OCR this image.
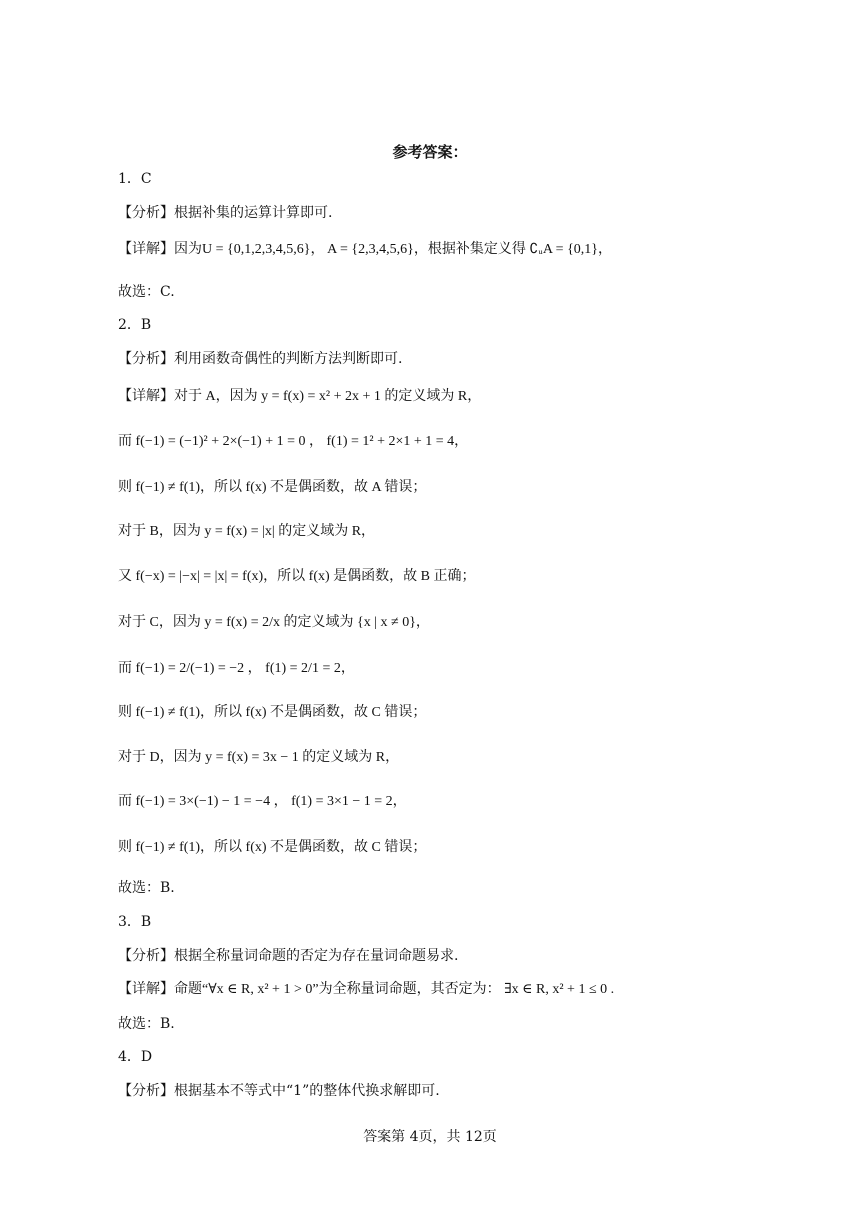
参考答案：
1．C
【分析】根据补集的运算计算即可.
【详解】因为U = {0,1,2,3,4,5,6}， A = {2,3,4,5,6}，根据补集定义得 ∁ᵤA = {0,1}，
故选：C.
2．B
【分析】利用函数奇偶性的判断方法判断即可.
【详解】对于 A，因为 y = f(x) = x² + 2x + 1 的定义域为 R，
而 f(−1) = (−1)² + 2×(−1) + 1 = 0 ， f(1) = 1² + 2×1 + 1 = 4，
则 f(−1) ≠ f(1)，所以 f(x) 不是偶函数，故 A 错误；
对于 B，因为 y = f(x) = |x| 的定义域为 R，
又 f(−x) = |−x| = |x| = f(x)，所以 f(x) 是偶函数，故 B 正确；
对于 C，因为 y = f(x) = 2/x 的定义域为 {x | x ≠ 0}，
而 f(−1) = 2/(−1) = −2 ， f(1) = 2/1 = 2，
则 f(−1) ≠ f(1)，所以 f(x) 不是偶函数，故 C 错误；
对于 D，因为 y = f(x) = 3x − 1 的定义域为 R，
而 f(−1) = 3×(−1) − 1 = −4 ， f(1) = 3×1 − 1 = 2，
则 f(−1) ≠ f(1)，所以 f(x) 不是偶函数，故 C 错误；
故选：B.
3．B
【分析】根据全称量词命题的否定为存在量词命题易求.
【详解】命题“∀x ∈ R, x² + 1 > 0”为全称量词命题，其否定为： ∃x ∈ R, x² + 1 ≤ 0 .
故选：B.
4．D
【分析】根据基本不等式中“1”的整体代换求解即可.
答案第 4页，共 12页
